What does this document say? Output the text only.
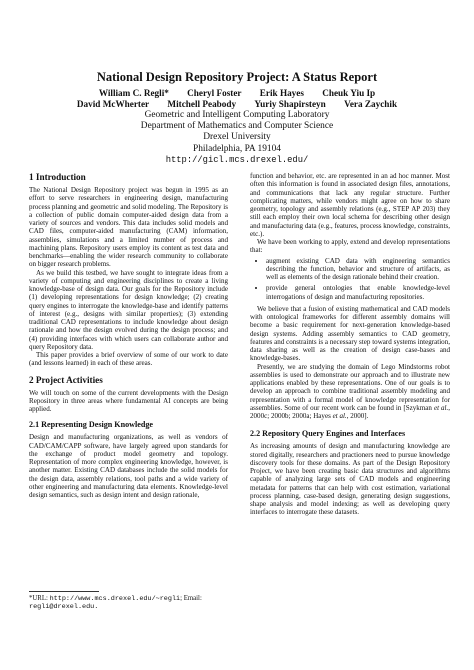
National Design Repository Project: A Status Report
William C. Regli* Cheryl Foster Erik Hayes Cheuk Yiu Ip
David McWherter Mitchell Peabody Yuriy Shapirsteyn Vera Zaychik
Geometric and Intelligent Computing Laboratory
Department of Mathematics and Computer Science
Drexel University
Philadelphia, PA 19104
http://gicl.mcs.drexel.edu/
1 Introduction

The National Design Repository project was begun in 1995 as an effort to serve researchers in engineering design, manufacturing process planning and geometric and solid modeling. The Repository is a collection of public domain computer-aided design data from a variety of sources and vendors. This data includes solid models and CAD files, computer-aided manufacturing (CAM) information, assemblies, simulations and a limited number of process and machining plans. Repository users employ its content as test data and benchmarks—enabling the wider research community to collaborate on bigger research problems.

As we build this testbed, we have sought to integrate ideas from a variety of computing and engineering disciplines to create a living knowledge-base of design data. Our goals for the Repository include (1) developing representations for design knowledge; (2) creating query engines to interrogate the knowledge-base and identify patterns of interest (e.g., designs with similar properties); (3) extending traditional CAD representations to include knowledge about design rationale and how the design evolved during the design process; and (4) providing interfaces with which users can collaborate author and query Repository data.

This paper provides a brief overview of some of our work to date (and lessons learned) in each of these areas.

2 Project Activities

We will touch on some of the current developments with the Design Repository in three areas where fundamental AI concepts are being applied.

2.1 Representing Design Knowledge

Design and manufacturing organizations, as well as vendors of CAD/CAM/CAPP software, have largely agreed upon standards for the exchange of product model geometry and topology. Representation of more complex engineering knowledge, however, is another matter. Existing CAD databases include the solid models for the design data, assembly relations, tool paths and a wide variety of other engineering and manufacturing data elements. Knowledge-level design semantics, such as design intent and design rationale,

*URL: http://www.mcs.drexel.edu/~regli; Email: regli@drexel.edu.

function and behavior, etc. are represented in an ad hoc manner. Most often this information is found in associated design files, annotations, and communications that lack any regular structure. Further complicating matters, while vendors might agree on how to share geometry, topology and assembly relations (e.g., STEP AP 203) they still each employ their own local schema for describing other design and manufacturing data (e.g., features, process knowledge, constraints, etc.).

We have been working to apply, extend and develop representations that:

• augment existing CAD data with engineering semantics describing the function, behavior and structure of artifacts, as well as elements of the design rationale behind their creation.
• provide general ontologies that enable knowledge-level interrogations of design and manufacturing repositories.

We believe that a fusion of existing mathematical and CAD models with ontological frameworks for different assembly domains will become a basic requirement for next-generation knowledge-based design systems. Adding assembly semantics to CAD geometry, features and constraints is a necessary step toward systems integration, data sharing as well as the creation of design case-bases and knowledge-bases.

Presently, we are studying the domain of Lego Mindstorms robot assemblies is used to demonstrate our approach and to illustrate new applications enabled by these representations. One of our goals is to develop an approach to combine traditional assembly modeling and representation with a formal model of knowledge representation for assemblies. Some of our recent work can be found in [Szykman et al., 2000c; 2000b; 2000a; Hayes et al., 2000].

2.2 Repository Query Engines and Interfaces

As increasing amounts of design and manufacturing knowledge are stored digitally, researchers and practioners need to pursue knowledge discovery tools for these domains. As part of the Design Repository Project, we have been creating basic data structures and algorithms capable of analyzing large sets of CAD models and engineering metadata for patterns that can help with cost estimation, variational process planning, case-based design, generating design suggestions, shape analysis and model indexing; as well as developing query interfaces to interrogate these datasets.
